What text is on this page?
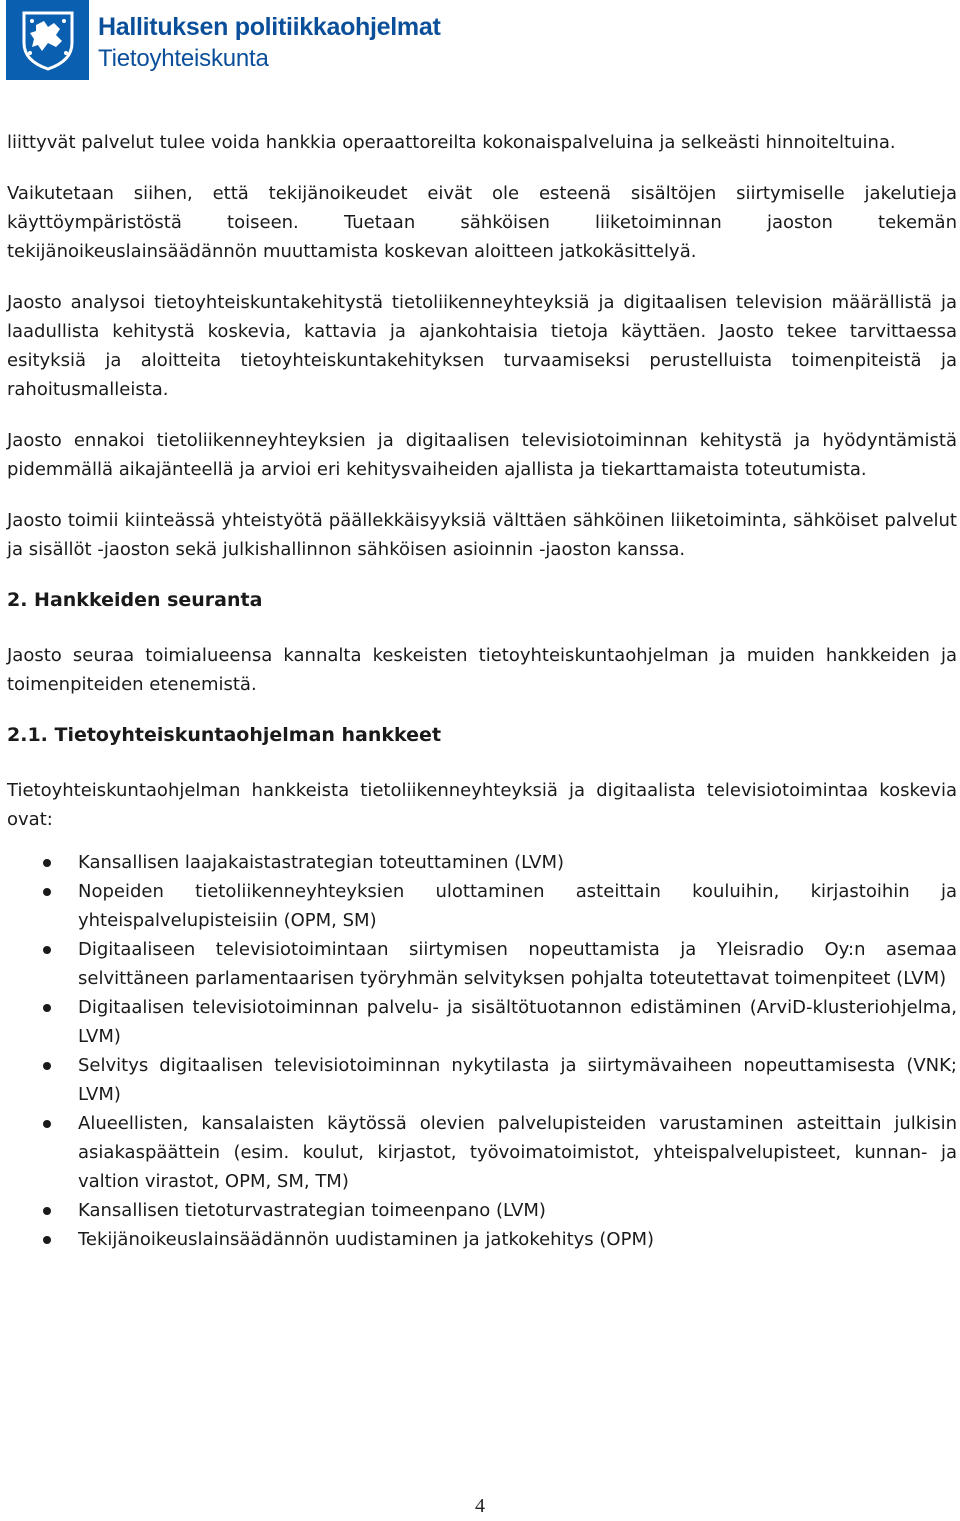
Hallituksen politiikkaohjelmat
Tietoyhteiskunta

liittyvät palvelut tulee voida hankkia operaattoreilta kokonaispalveluina ja selkeästi hinnoiteltuina.

Vaikutetaan siihen, että tekijänoikeudet eivät ole esteenä sisältöjen siirtymiselle jakelutieja käyttöympäristöstä toiseen. Tuetaan sähköisen liiketoiminnan jaoston tekemän tekijänoikeuslainsäädännön muuttamista koskevan aloitteen jatkokäsittelyä.

Jaosto analysoi tietoyhteiskuntakehitystä tietoliikenneyhteyksiä ja digitaalisen television määrällistä ja laadullista kehitystä koskevia, kattavia ja ajankohtaisia tietoja käyttäen. Jaosto tekee tarvittaessa esityksiä ja aloitteita tietoyhteiskuntakehityksen turvaamiseksi perustelluista toimenpiteistä ja rahoitusmalleista.

Jaosto ennakoi tietoliikenneyhteyksien ja digitaalisen televisiotoiminnan kehitystä ja hyödyntämistä pidemmällä aikajänteellä ja arvioi eri kehitysvaiheiden ajallista ja tiekarttamaista toteutumista.

Jaosto toimii kiinteässä yhteistyötä päällekkäisyyksiä välttäen sähköinen liiketoiminta, sähköiset palvelut ja sisällöt -jaoston sekä julkishallinnon sähköisen asioinnin -jaoston kanssa.

2. Hankkeiden seuranta

Jaosto seuraa toimialueensa kannalta keskeisten tietoyhteiskuntaohjelman ja muiden hankkeiden ja toimenpiteiden etenemistä.

2.1. Tietoyhteiskuntaohjelman hankkeet

Tietoyhteiskuntaohjelman hankkeista tietoliikenneyhteyksiä ja digitaalista televisiotoimintaa koskevia ovat:

Kansallisen laajakaistastrategian toteuttaminen (LVM)
Nopeiden tietoliikenneyhteyksien ulottaminen asteittain kouluihin, kirjastoihin ja yhteispalvelupisteisiin (OPM, SM)
Digitaaliseen televisiotoimintaan siirtymisen nopeuttamista ja Yleisradio Oy:n asemaa selvittäneen parlamentaarisen työryhmän selvityksen pohjalta toteutettavat toimenpiteet (LVM)
Digitaalisen televisiotoiminnan palvelu- ja sisältötuotannon edistäminen (ArviD-klusteriohjelma, LVM)
Selvitys digitaalisen televisiotoiminnan nykytilasta ja siirtymävaiheen nopeuttamisesta (VNK; LVM)
Alueellisten, kansalaisten käytössä olevien palvelupisteiden varustaminen asteittain julkisin asiakaspäättein (esim. koulut, kirjastot, työvoimatoimistot, yhteispalvelupisteet, kunnan- ja valtion virastot, OPM, SM, TM)
Kansallisen tietoturvastrategian toimeenpano (LVM)
Tekijänoikeuslainsäädännön uudistaminen ja jatkokehitys (OPM)
4
